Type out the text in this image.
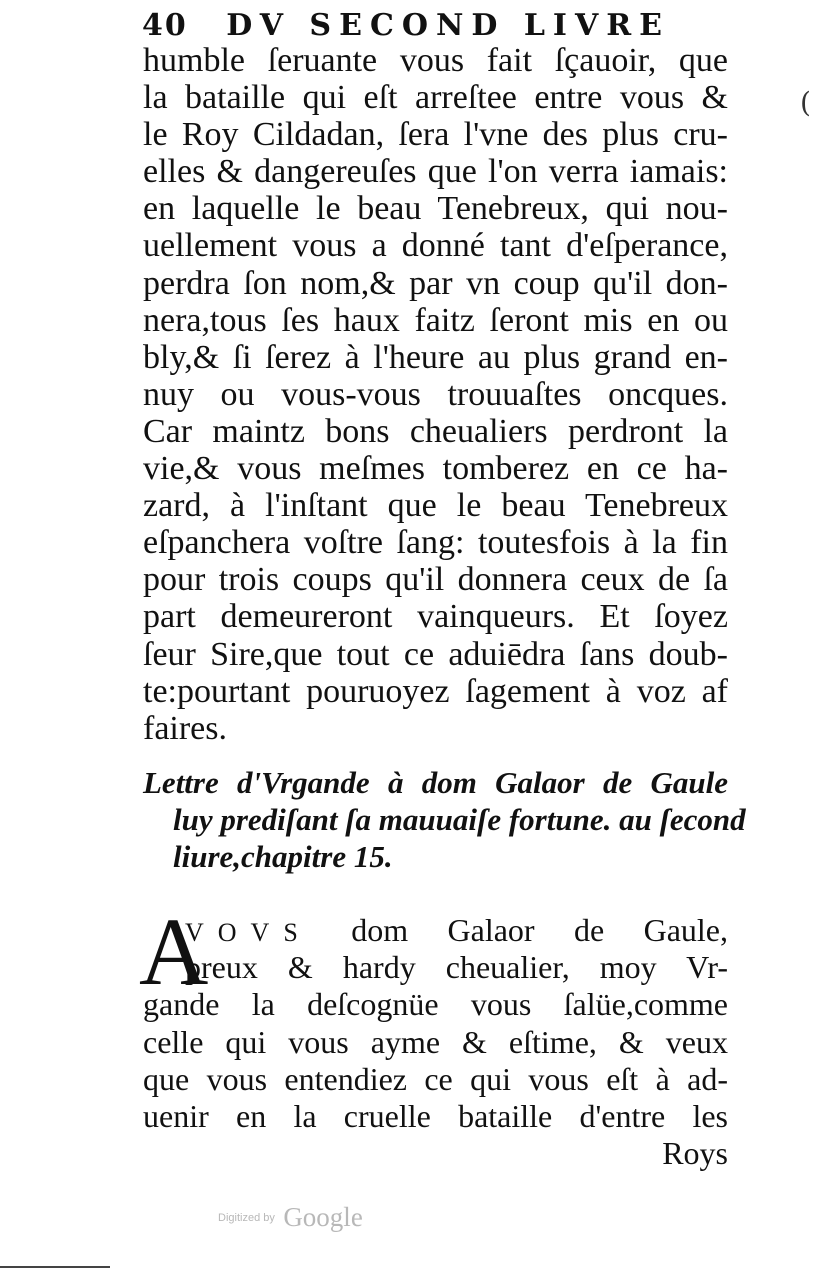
40 DV SECOND LIVRE
humble ſeruante vous fait ſçauoir, que
la bataille qui eſt arreſtee entre vous &
le Roy Cildadan, ſera l'vne des plus cru-
elles & dangereuſes que l'on verra iamais:
en laquelle le beau Tenebreux, qui nou-
uellement vous a donné tant d'eſperance,
perdra ſon nom,& par vn coup qu'il don-
nera,tous ſes haux faitz ſeront mis en ou
bly,& ſi ſerez à l'heure au plus grand en-
nuy ou vous-vous trouuaſtes oncques.
Car maintz bons cheualiers perdront la
vie,& vous meſmes tomberez en ce ha-
zard, à l'inſtant que le beau Tenebreux
eſpanchera voſtre ſang: toutesfois à la fin
pour trois coups qu'il donnera ceux de ſa
part demeureront vainqueurs. Et ſoyez
ſeur Sire,que tout ce aduiēdra ſans doub-
te:pourtant pouruoyez ſagement à voz af
faires.
Lettre d'Vrgande à dom Galaor de Gaule
luy prediſant ſa mauuaiſe fortune. au ſecond
liure,chapitre 15.
A
VOVS dom Galaor de Gaule,
preux & hardy cheualier, moy Vr-
gande la deſcognüe vous ſalüe,comme
celle qui vous ayme & eſtime, & veux
que vous entendiez ce qui vous eſt à ad-
uenir en la cruelle bataille d'entre les
Roys
(
Digitized by Google
